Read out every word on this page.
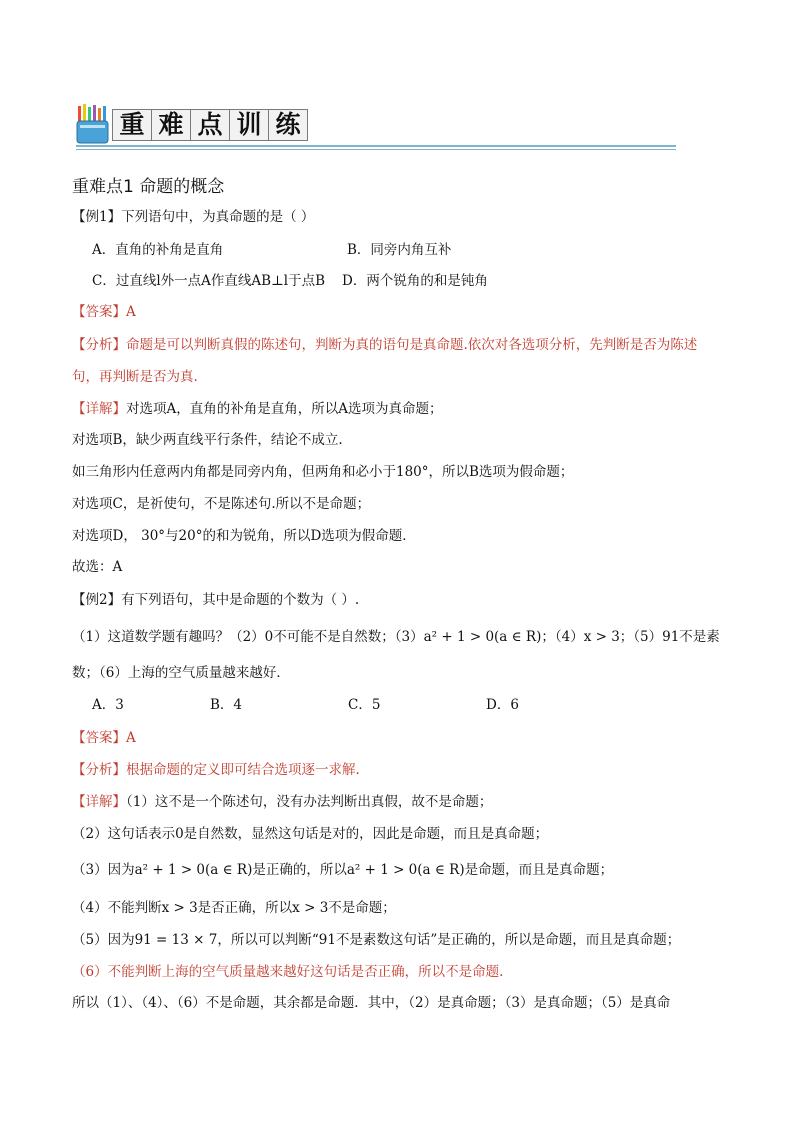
重 难 点 训 练
重难点1 命题的概念
【例1】下列语句中，为真命题的是（ ）
A．直角的补角是直角	B．同旁内角互补
C．过直线l外一点A作直线AB⊥l于点B D．两个锐角的和是钝角
【答案】A
【分析】命题是可以判断真假的陈述句，判断为真的语句是真命题.依次对各选项分析，先判断是否为陈述
句，再判断是否为真.
【详解】对选项A，直角的补角是直角，所以A选项为真命题；
对选项B，缺少两直线平行条件，结论不成立.
如三角形内任意两内角都是同旁内角，但两角和必小于180°，所以B选项为假命题；
对选项C，是祈使句，不是陈述句.所以不是命题；
对选项D， 30°与20°的和为锐角，所以D选项为假命题．
故选：A
【例2】有下列语句，其中是命题的个数为（ ）.
（1）这道数学题有趣吗？（2）0不可能不是自然数；（3）a² + 1 > 0(a ∈ R)；（4）x > 3；（5）91不是素
数；（6）上海的空气质量越来越好．
A．3	B．4	C．5	D．6
【答案】A
【分析】根据命题的定义即可结合选项逐一求解.
【详解】（1）这不是一个陈述句，没有办法判断出真假，故不是命题；
（2）这句话表示0是自然数，显然这句话是对的，因此是命题，而且是真命题；
（3）因为a² + 1 > 0(a ∈ R)是正确的，所以a² + 1 > 0(a ∈ R)是命题，而且是真命题；
（4）不能判断x > 3是否正确，所以x > 3不是命题；
（5）因为91 = 13 × 7，所以可以判断“91不是素数这句话”是正确的，所以是命题，而且是真命题；
（6）不能判断上海的空气质量越来越好这句话是否正确，所以不是命题.
所以（1）、（4）、（6）不是命题，其余都是命题．其中，（2）是真命题；（3）是真命题；（5）是真命
